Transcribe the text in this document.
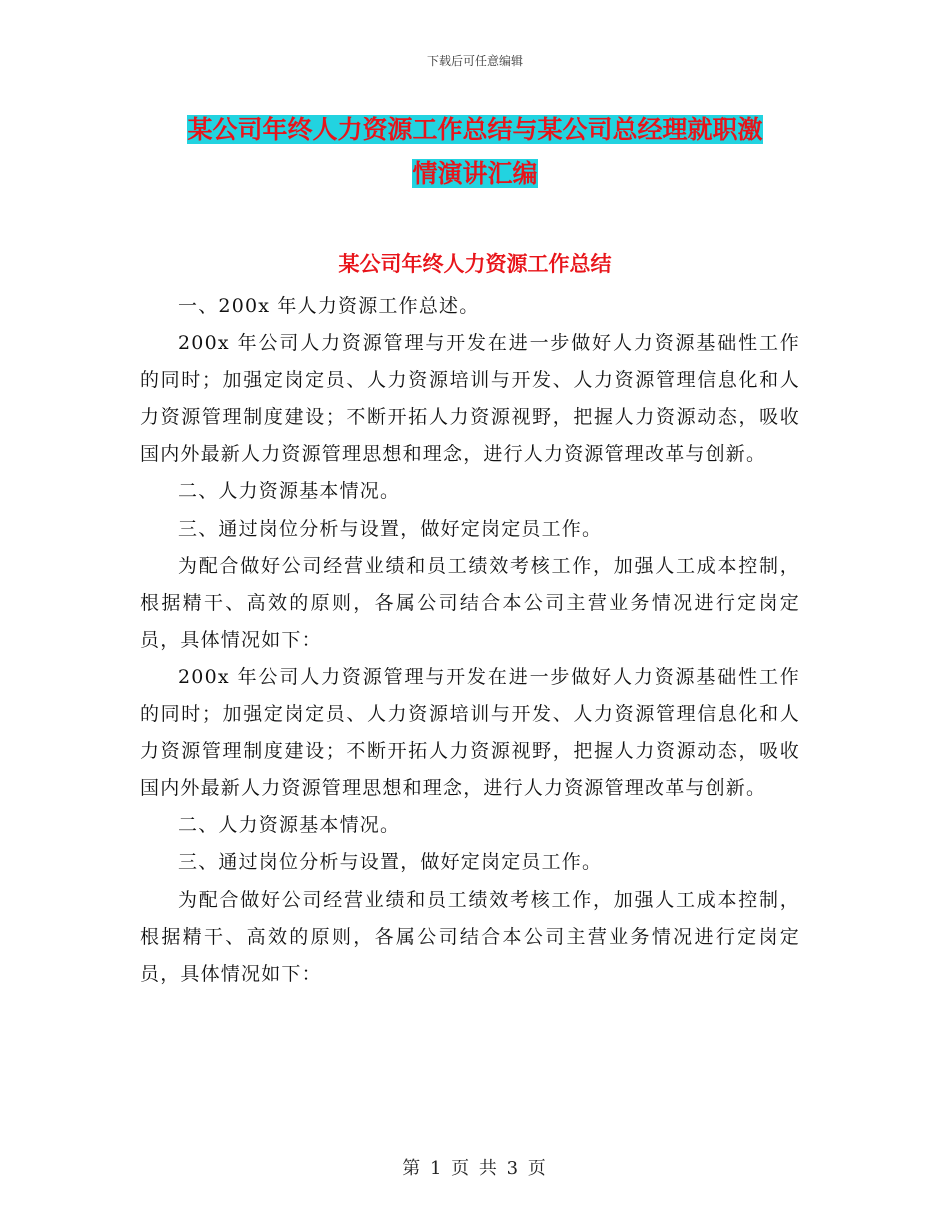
下载后可任意编辑
某公司年终人力资源工作总结与某公司总经理就职激
情演讲汇编
某公司年终人力资源工作总结

一、200x 年人力资源工作总述。

200x 年公司人力资源管理与开发在进一步做好人力资源基础性工作的同时；加强定岗定员、人力资源培训与开发、人力资源管理信息化和人力资源管理制度建设；不断开拓人力资源视野，把握人力资源动态，吸收国内外最新人力资源管理思想和理念，进行人力资源管理改革与创新。

二、人力资源基本情况。

三、通过岗位分析与设置，做好定岗定员工作。

为配合做好公司经营业绩和员工绩效考核工作，加强人工成本控制，根据精干、高效的原则，各属公司结合本公司主营业务情况进行定岗定员，具体情况如下：

200x 年公司人力资源管理与开发在进一步做好人力资源基础性工作的同时；加强定岗定员、人力资源培训与开发、人力资源管理信息化和人力资源管理制度建设；不断开拓人力资源视野，把握人力资源动态，吸收国内外最新人力资源管理思想和理念，进行人力资源管理改革与创新。

二、人力资源基本情况。

三、通过岗位分析与设置，做好定岗定员工作。

为配合做好公司经营业绩和员工绩效考核工作，加强人工成本控制，根据精干、高效的原则，各属公司结合本公司主营业务情况进行定岗定员，具体情况如下：

第 1 页 共 3 页
